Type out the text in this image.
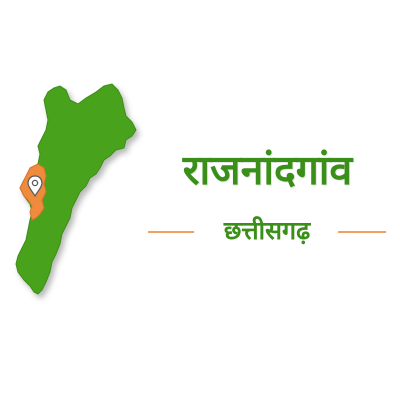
राजनांदगांव
छत्तीसगढ़
